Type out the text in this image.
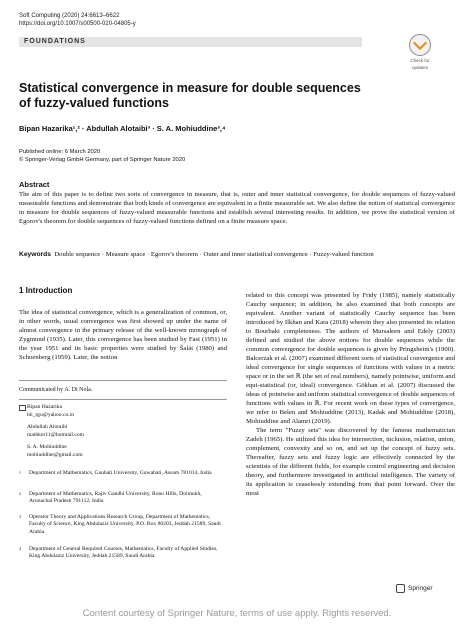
Soft Computing (2020) 24:6613–6622
https://doi.org/10.1007/s00500-020-04805-y
FOUNDATIONS
Check for
updates
Statistical convergence in measure for double sequences
of fuzzy-valued functions
Bipan Hazarika¹,² · Abdullah Alotaibi³ · S. A. Mohiuddine³,⁴
Published online: 6 March 2020
© Springer-Verlag GmbH Germany, part of Springer Nature 2020
Abstract
The aim of this paper is to define two sorts of convergence in measure, that is, outer and inner statistical convergence, for double sequences of fuzzy-valued measurable functions and demonstrate that both kinds of convergence are equivalent in a finite measurable set. We also define the notion of statistical convergence in measure for double sequences of fuzzy-valued measurable functions and establish several interesting results. In addition, we prove the statistical version of Egorov's theorem for double sequences of fuzzy-valued functions defined on a finite measure space.
Keywords Double sequence · Measure space · Egorov's theorem · Outer and inner statistical convergence · Fuzzy-valued function
1 Introduction
The idea of statistical convergence, which is a generalization of common, or, in other words, usual convergence was first showed up under the name of almost convergence in the primary release of the well-known monograph of Zygmund (1935). Later, this convergence has been studied by Fast (1951) in the year 1951 and its basic properties were studied by Šalát (1980) and Schoenberg (1959). Later, the notion
Communicated by A. Di Nola.
Bipan Hazarika
bh_rgu@yahoo.co.in
Abdullah Alotaibi
mathker11@hotmail.com
S. A. Mohiuddine
mohiuddine@gmail.com
1	Department of Mathematics, Gauhati University, Guwahati, Assam 781014, India
2	Department of Mathematics, Rajiv Gandhi University, Rono Hills, Doimukh, Arunachal Pradesh 791112, India
3	Operator Theory and Applications Research Group, Department of Mathematics, Faculty of Science, King Abdulaziz University, P.O. Box 80203, Jeddah 21589, Saudi Arabia
4	Department of General Required Courses, Mathematics, Faculty of Applied Studies, King Abdulaziz University, Jeddah 21589, Saudi Arabia
related to this concept was presented by Fridy (1985), namely statistically Cauchy sequence; in addition, he also examined that both concepts are equivalent. Another variant of statistically Cauchy sequence has been introduced by Ilkhan and Kara (2018) wherein they also presented its relation to Bourbaki completeness. The authors of Mursaleen and Edely (2003) defined and studied the above notions for double sequences while the common convergence for double sequences is given by Pringsheim's (1900). Balcerzak et al. (2007) examined different sorts of statistical convergence and ideal convergence for single sequences of functions with values in a metric space or in the set ℝ (the set of real numbers), namely pointwise, uniform and equi-statistical (or, ideal) convergence. Gökhan et al. (2007) discussed the ideas of pointwise and uniform statistical convergence of double sequences of functions with values in ℝ. For recent work on these types of convergence, we refer to Belen and Mohiuddine (2013), Kadak and Mohiuddine (2018), Mohiuddine and Alamri (2019).
The term "Fuzzy sets" was discovered by the famous mathematician Zadeh (1965). He utilized this idea for intersection, inclusion, relation, union, complement, convexity and so on, and set up the concept of fuzzy sets. Thereafter, fuzzy sets and fuzzy logic are effectively connected by the scientists of the different fields, for example control engineering and decision theory, and furthermore investigated in artificial intelligence. The variety of its application is ceaselessly extending from that point forward. Over the most
Springer
Content courtesy of Springer Nature, terms of use apply. Rights reserved.
